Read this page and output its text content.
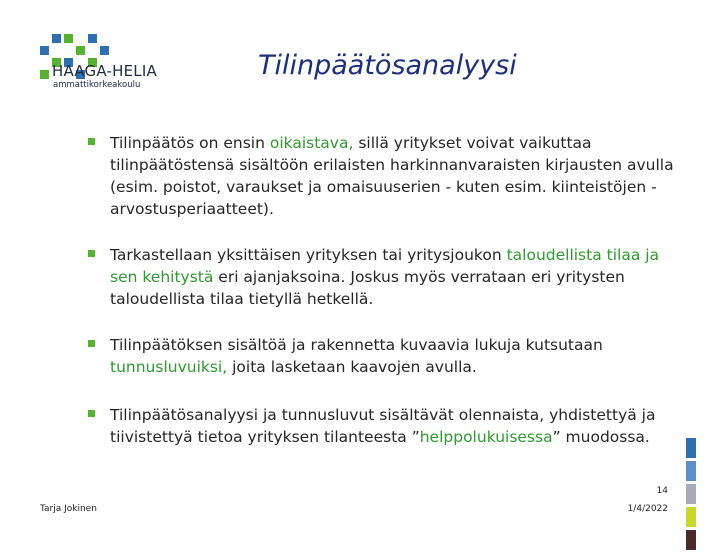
HAAGA-HELIA
ammattikorkeakoulu
Tilinpäätösanalyysi
Tilinpäätös on ensin oikaistava, sillä yritykset voivat vaikuttaa tilinpäätöstensä sisältöön erilaisten harkinnanvaraisten kirjausten avulla (esim. poistot, varaukset ja omaisuuserien - kuten esim. kiinteistöjen - arvostusperiaatteet).
Tarkastellaan yksittäisen yrityksen tai yritysjoukon taloudellista tilaa ja sen kehitystä eri ajanjaksoina. Joskus myös verrataan eri yritysten taloudellista tilaa tietyllä hetkellä.
Tilinpäätöksen sisältöä ja rakennetta kuvaavia lukuja kutsutaan tunnusluvuiksi, joita lasketaan kaavojen avulla.
Tilinpäätösanalyysi ja tunnusluvut sisältävät olennaista, yhdistettyä ja tiivistettyä tietoa yrityksen tilanteesta ”helppolukuisessa” muodossa.
Tarja Jokinen
14
1/4/2022
